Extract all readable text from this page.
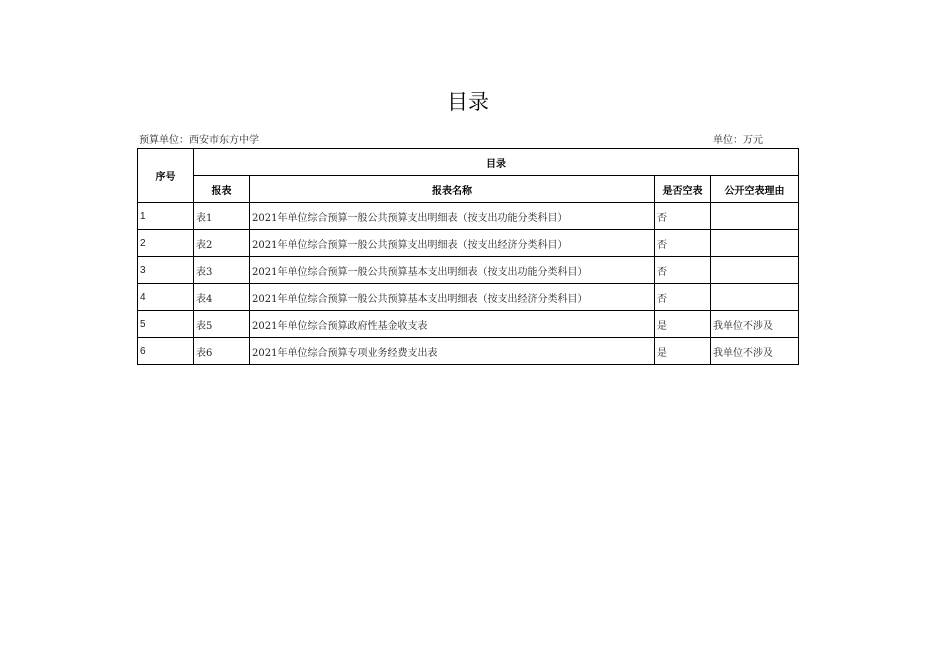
目录
预算单位：西安市东方中学	单位：万元
序号	目录			
	报表	报表名称	是否空表	公开空表理由
1	表1	2021年单位综合预算一般公共预算支出明细表（按支出功能分类科目）	否	
2	表2	2021年单位综合预算一般公共预算支出明细表（按支出经济分类科目）	否	
3	表3	2021年单位综合预算一般公共预算基本支出明细表（按支出功能分类科目）	否	
4	表4	2021年单位综合预算一般公共预算基本支出明细表（按支出经济分类科目）	否	
5	表5	2021年单位综合预算政府性基金收支表	是	我单位不涉及
6	表6	2021年单位综合预算专项业务经费支出表	是	我单位不涉及
